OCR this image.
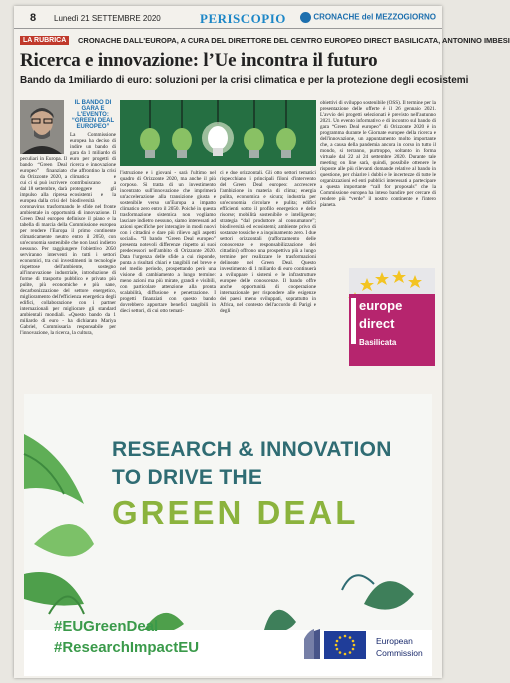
8 Lunedì 21 SETTEMBRE 2020	PERISCOPIO	CRONACHE del MEZZOGIORNO
LA RUBRICA	CRONACHE DALL'EUROPA, A CURA DEL DIRETTORE DEL CENTRO EUROPEO DIRECT BASILICATA, ANTONINO IMBESI
Ricerca e innovazione: l’Ue incontra il futuro
Bando da 1miliardo di euro: soluzioni per la crisi climatica e per la protezione degli ecosistemi
IL BANDO DI GARA E L'EVENTO: “GREEN DEAL EUROPEO”
La Commissione europea ha deciso di indire un bando di gara da 1 miliardo di euro per progetti di ricerca e innovazione che affrontino la crisi climatica e contribuiscano a proteggere gli ecosistemi e la biodiversità
peculiari in Europa. Il bando “Green Deal europeo” finanziato da Orizzonte 2020, a cui ci si può iscrivere dal 18 settembre, darà impulso alla ripresa europea dalla crisi del coronavirus trasformando le sfide nel fronte ambientale in opportunità di innovazione. Il Green Deal europeo definisce il piano e la tabella di marcia della Commissione europea per rendere l'Europa il primo continente climaticamente neutro entro il 2050, con un'economia sostenibile che non lasci indietro nessuno. Per raggiungere l'obiettivo 2050 serviranno interventi in tutti i settori economici, tra cui investimenti in tecnologie rispettose dell'ambiente, sostegno all'innovazione industriale, introduzione di forme di trasporto pubblico e privato più pulite, più economiche e più sane, decarbonizzazione del settore energetico, miglioramento dell'efficienza energetica degli edifici, collaborazione con i partner internazionali per migliorare gli standard ambientali mondiali. «Questo bando da 1 miliardo di euro - ha dichiarato Mariya Gabriel, Commissaria responsabile per l'innovazione, la ricerca, la cultura,
l'istruzione e i giovani - sarà l'ultimo nel quadro di Orizzonte 2020, ma anche il più corposo. Si tratta di un investimento incentrato sull'innovazione che imprimerà un'accelerazione alla transizione giusta e sostenibile verso un'Europa a impatto climatico zero entro il 2050. Poiché in questa trasformazione sistemica non vogliamo lasciare indietro nessuno, siamo interessati ad azioni specifiche per interagire in modi nuovi con i cittadini e dare più rilievo agli aspetti sociali». “Il bando “Green Deal europeo” presenta notevoli differenze rispetto ai suoi predecessori nell'ambito di Orizzonte 2020. Data l'urgenza delle sfide a cui risponde, punta a risultati chiari e tangibili nel breve e nel medio periodo, prospettando però una visione di cambiamento a lungo termine: meno azioni ma più mirate, grandi e visibili, con particolare attenzione alla pronta scalabilità, diffusione e penetrazione. I progetti finanziati con questo bando dovrebbero apportare benefici tangibili in dieci settori, di cui otto temati-
ci e due orizzontali. Gli otto settori tematici rispecchiano i principali filoni d'intervento del Green Deal europeo: accrescere l'ambizione in materia di clima; energia pulita, economica e sicura; industria per un'economia circolare e pulita; edifici efficienti sotto il profilo energetico e delle risorse; mobilità sostenibile e intelligente; strategia “dal produttore al consumatore”; biodiversità ed ecosistemi; ambiente privo di sostanze tossiche e a inquinamento zero. I due settori orizzontali (rafforzamento delle conoscenze e responsabilizzazione dei cittadini) offrono una prospettiva più a lungo termine per realizzare le trasformazioni delineate nel Green Deal. Questo investimento di 1 miliardo di euro continuerà a sviluppare i sistemi e le infrastrutture europee delle conoscenze. Il bando offre anche opportunità di cooperazione internazionale per rispondere alle esigenze dei paesi meno sviluppati, soprattutto in Africa, nel contesto dell'accordo di Parigi e degli
obiettivi di sviluppo sostenibile (OSS). Il termine per la presentazione delle offerte è il 26 gennaio 2021. L'avvio dei progetti selezionati è previsto nell'autunno 2021. Un evento informativo e di incontro sul bando di gara “Green Deal europeo” di Orizzonte 2020 è in programma durante le Giornate europee della ricerca e dell'innovazione, un appuntamento molto importante che, a causa della pandemia ancora in corso in tutto il mondo, si terranno, purtroppo, soltanto in forma virtuale dal 22 al 24 settembre 2020. Durante tale meeting on line sarà, quindi, possibile ottenere le risposte alle più rilevanti domande relative al bando in questione, per chiarire i dubbi e le incertezze di tutte le organizzazioni ed enti pubblici interessati a partecipare a questa importante “call for proposals” che la Commissione europea ha inteso bandire per cercare di rendere più “verde” il nostro continente e l'intero pianeta.
europe
direct
Basilicata
RESEARCH & INNOVATION
TO DRIVE THE
GREEN DEAL
#EUGreenDeal
#ResearchImpactEU	European
Commission
